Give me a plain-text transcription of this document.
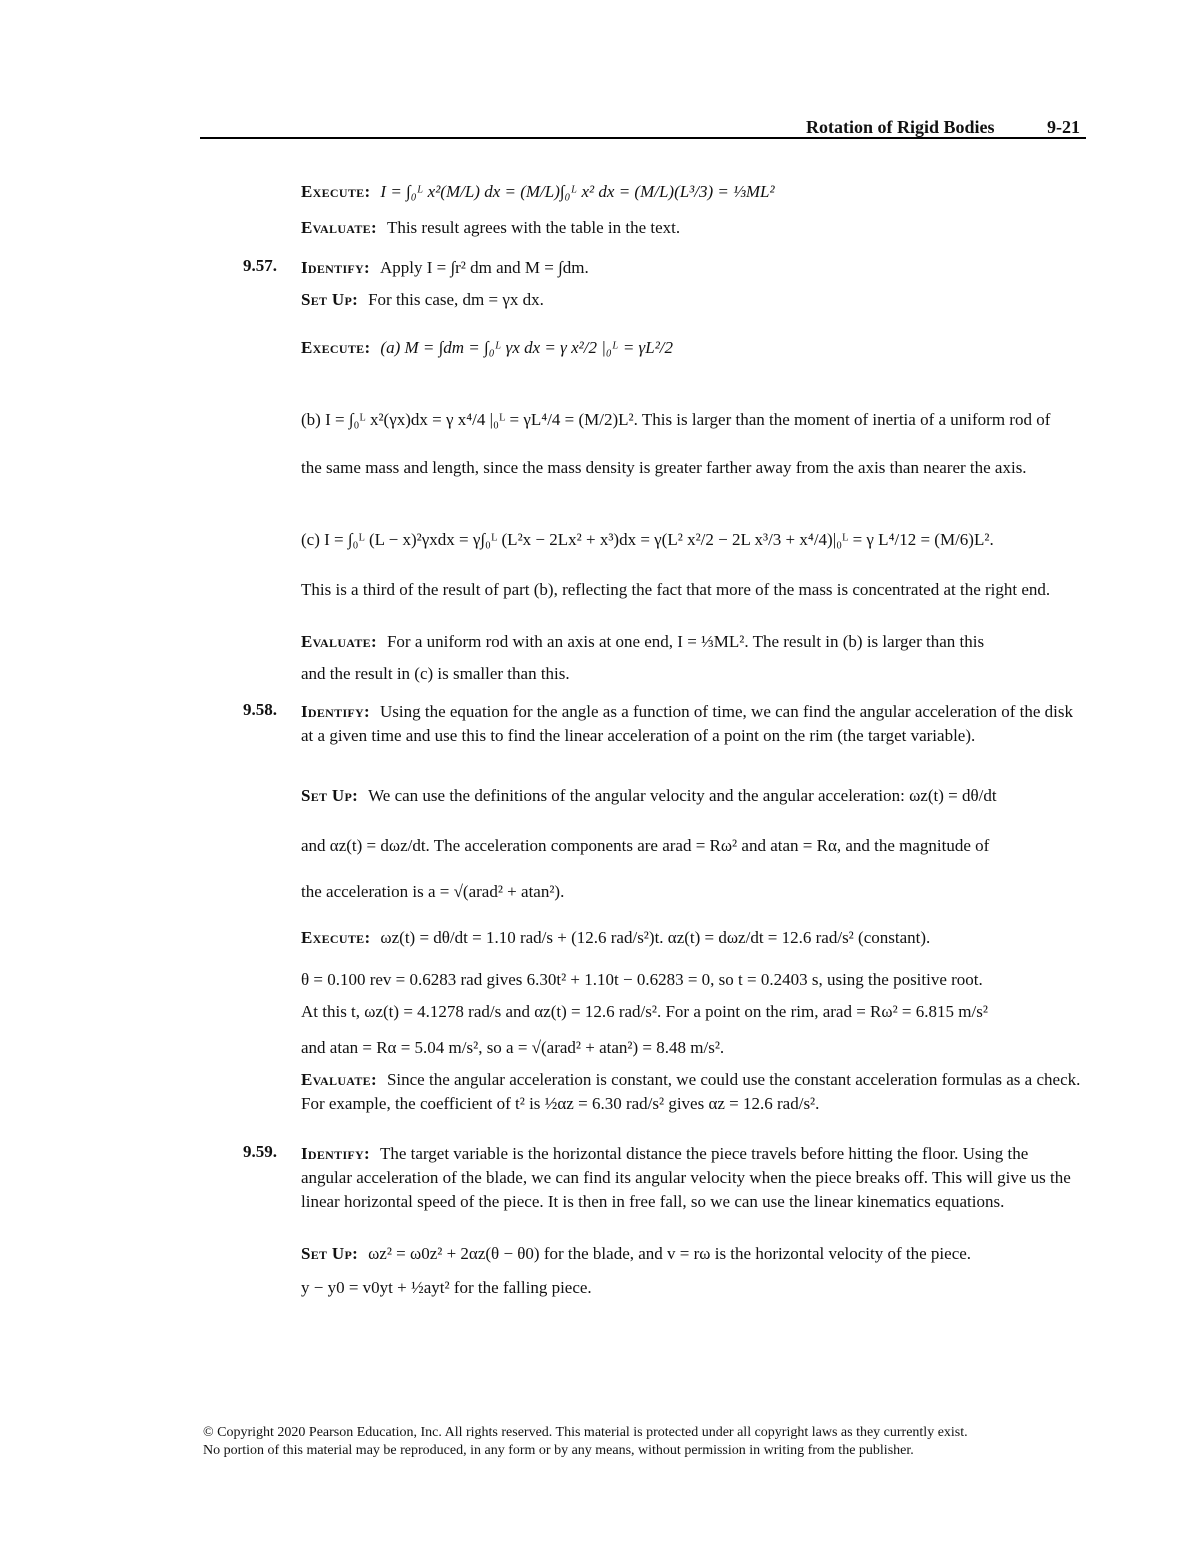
Rotation of Rigid Bodies	9-21
Execute: I = ∫₀ᴸ x²(M/L) dx = (M/L)∫₀ᴸ x² dx = (M/L)(L³/3) = ⅓ML²
Evaluate: This result agrees with the table in the text.
9.57. Identify: Apply I = ∫r² dm and M = ∫dm.
Set Up: For this case, dm = γx dx.
Execute: (a) M = ∫dm = ∫₀ᴸ γx dx = γ x²/2 |₀ᴸ = γL²/2
(b) I = ∫₀ᴸ x²(γx)dx = γ x⁴/4 |₀ᴸ = γL⁴/4 = (M/2)L². This is larger than the moment of inertia of a uniform rod of
the same mass and length, since the mass density is greater farther away from the axis than nearer the axis.
(c) I = ∫₀ᴸ (L − x)²γxdx = γ∫₀ᴸ (L²x − 2Lx² + x³)dx = γ(L² x²/2 − 2L x³/3 + x⁴/4)|₀ᴸ = γ L⁴/12 = (M/6)L².
This is a third of the result of part (b), reflecting the fact that more of the mass is concentrated at the right end.
Evaluate: For a uniform rod with an axis at one end, I = ⅓ML². The result in (b) is larger than this
and the result in (c) is smaller than this.
9.58. Identify: Using the equation for the angle as a function of time, we can find the angular acceleration of the disk at a given time and use this to find the linear acceleration of a point on the rim (the target variable).
Set Up: We can use the definitions of the angular velocity and the angular acceleration: ωz(t) = dθ/dt
and αz(t) = dωz/dt. The acceleration components are arad = Rω² and atan = Rα, and the magnitude of
the acceleration is a = √(arad² + atan²).
Execute: ωz(t) = dθ/dt = 1.10 rad/s + (12.6 rad/s²)t. αz(t) = dωz/dt = 12.6 rad/s² (constant).
θ = 0.100 rev = 0.6283 rad gives 6.30t² + 1.10t − 0.6283 = 0, so t = 0.2403 s, using the positive root.
At this t, ωz(t) = 4.1278 rad/s and αz(t) = 12.6 rad/s². For a point on the rim, arad = Rω² = 6.815 m/s²
and atan = Rα = 5.04 m/s², so a = √(arad² + atan²) = 8.48 m/s².
Evaluate: Since the angular acceleration is constant, we could use the constant acceleration formulas as a check. For example, the coefficient of t² is ½αz = 6.30 rad/s² gives αz = 12.6 rad/s².
9.59. Identify: The target variable is the horizontal distance the piece travels before hitting the floor. Using the angular acceleration of the blade, we can find its angular velocity when the piece breaks off. This will give us the linear horizontal speed of the piece. It is then in free fall, so we can use the linear kinematics equations.
Set Up: ωz² = ω0z² + 2αz(θ − θ0) for the blade, and v = rω is the horizontal velocity of the piece.
y − y0 = v0yt + ½ayt² for the falling piece.
© Copyright 2020 Pearson Education, Inc. All rights reserved. This material is protected under all copyright laws as they currently exist.
No portion of this material may be reproduced, in any form or by any means, without permission in writing from the publisher.
